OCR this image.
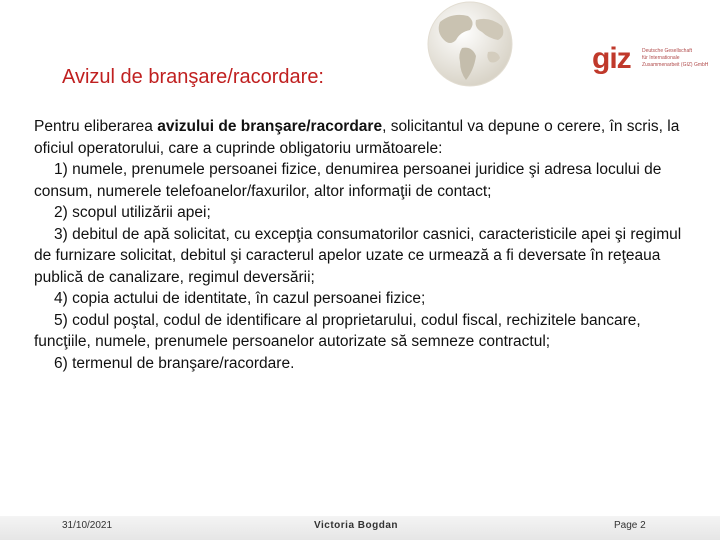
giz Deutsche Gesellschaft
für Internationale
Zusammenarbeit (GIZ) GmbH
Avizul de branşare/racordare:

Pentru eliberarea avizului de branşare/racordare, solicitantul va depune o cerere, în scris, la oficiul operatorului, care a cuprinde obligatoriu următoarele:

1) numele, prenumele persoanei fizice, denumirea persoanei juridice şi adresa locului de consum, numerele telefoanelor/faxurilor, altor informaţii de contact;

2) scopul utilizării apei;

3) debitul de apă solicitat, cu excepţia consumatorilor casnici, caracteristicile apei şi regimul de furnizare solicitat, debitul şi caracterul apelor uzate ce urmează a fi deversate în reţeaua publică de canalizare, regimul deversării;

4) copia actului de identitate, în cazul persoanei fizice;

5) codul poştal, codul de identificare al proprietarului, codul fiscal, rechizitele bancare, funcţiile, numele, prenumele persoanelor autorizate să semneze contractul;

6) termenul de branşare/racordare.

31/10/2021	Victoria Bogdan	Page 2
